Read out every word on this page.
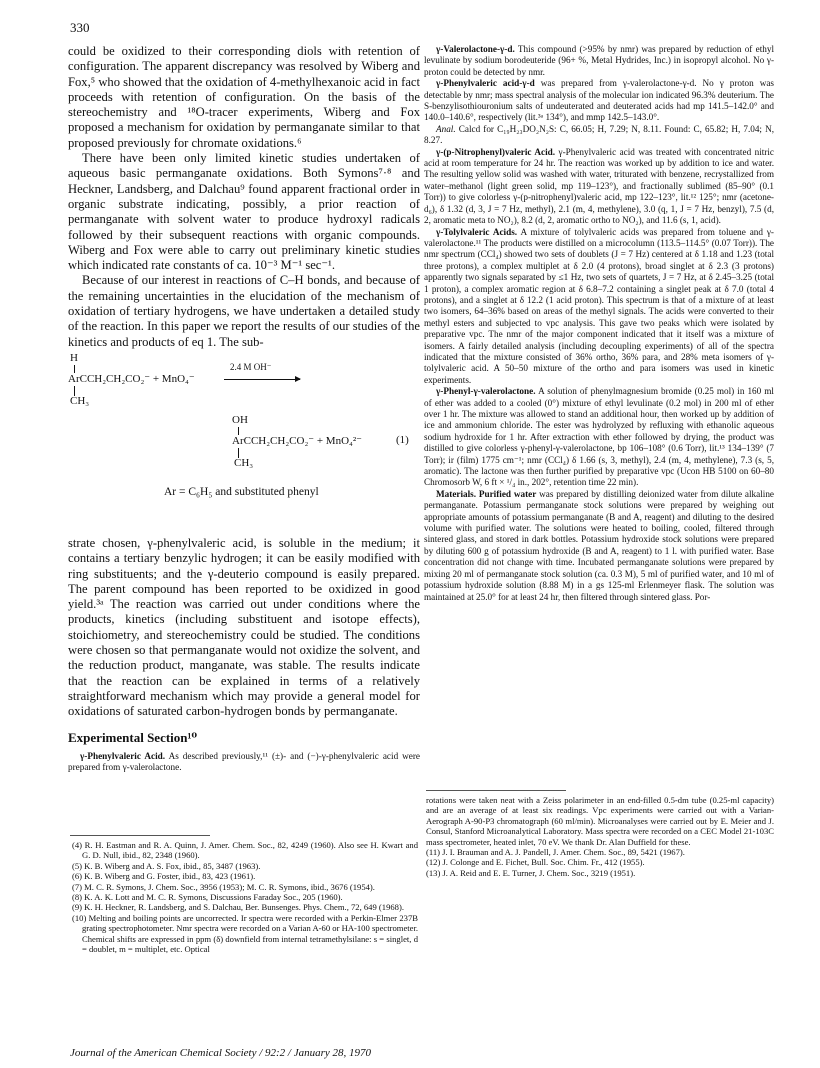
330

could be oxidized to their corresponding diols with retention of configuration. The apparent discrepancy was resolved by Wiberg and Fox,⁵ who showed that the oxidation of 4-methylhexanoic acid in fact proceeds with retention of configuration. On the basis of the stereochemistry and ¹⁸O-tracer experiments, Wiberg and Fox proposed a mechanism for oxidation by permanganate similar to that proposed previously for chromate oxidations.⁶

There have been only limited kinetic studies undertaken of aqueous basic permanganate oxidations. Both Symons⁷·⁸ and Heckner, Landsberg, and Dalchau⁹ found apparent fractional order in organic substrate indicating, possibly, a prior reaction of permanganate with solvent water to produce hydroxyl radicals followed by their subsequent reactions with organic compounds. Wiberg and Fox were able to carry out preliminary kinetic studies which indicated rate constants of ca. 10⁻³ M⁻¹ sec⁻¹.

Because of our interest in reactions of C–H bonds, and because of the remaining uncertainties in the elucidation of the mechanism of oxidation of tertiary hydrogens, we have undertaken a detailed study of the reaction. In this paper we report the results of our studies of the kinetics and products of eq 1. The sub-

H
ArCCH₂CH₂CO₂⁻ + MnO₄⁻
2.4 M OH⁻
CH₃
OH
ArCCH₂CH₂CO₂⁻ + MnO₄²⁻	(1)
CH₃
Ar = C₆H₅ and substituted phenyl

strate chosen, γ-phenylvaleric acid, is soluble in the medium; it contains a tertiary benzylic hydrogen; it can be easily modified with ring substituents; and the γ-deuterio compound is easily prepared. The parent compound has been reported to be oxidized in good yield.³ᵃ The reaction was carried out under conditions where the products, kinetics (including substituent and isotope effects), stoichiometry, and stereochemistry could be studied. The conditions were chosen so that permanganate would not oxidize the solvent, and the reduction product, manganate, was stable. The results indicate that the reaction can be explained in terms of a relatively straightforward mechanism which may provide a general model for oxidations of saturated carbon-hydrogen bonds by permanganate.

Experimental Section¹⁰

γ-Phenylvaleric Acid. As described previously,¹¹ (±)- and (−)-γ-phenylvaleric acid were prepared from γ-valerolactone.

(4) R. H. Eastman and R. A. Quinn, J. Amer. Chem. Soc., 82, 4249 (1960). Also see H. Kwart and G. D. Null, ibid., 82, 2348 (1960).

(5) K. B. Wiberg and A. S. Fox, ibid., 85, 3487 (1963).

(6) K. B. Wiberg and G. Foster, ibid., 83, 423 (1961).

(7) M. C. R. Symons, J. Chem. Soc., 3956 (1953); M. C. R. Symons, ibid., 3676 (1954).

(8) K. A. K. Lott and M. C. R. Symons, Discussions Faraday Soc., 205 (1960).

(9) K. H. Heckner, R. Landsberg, and S. Dalchau, Ber. Bunsenges. Phys. Chem., 72, 649 (1968).

(10) Melting and boiling points are uncorrected. Ir spectra were recorded with a Perkin-Elmer 237B grating spectrophotometer. Nmr spectra were recorded on a Varian A-60 or HA-100 spectrometer. Chemical shifts are expressed in ppm (δ) downfield from internal tetramethylsilane: s = singlet, d = doublet, m = multiplet, etc. Optical

γ-Valerolactone-γ-d. This compound (>95% by nmr) was prepared by reduction of ethyl levulinate by sodium borodeuteride (96+ %, Metal Hydrides, Inc.) in isopropyl alcohol. No γ-proton could be detected by nmr.

γ-Phenylvaleric acid-γ-d was prepared from γ-valerolactone-γ-d. No γ proton was detectable by nmr; mass spectral analysis of the molecular ion indicated 96.3% deuterium. The S-benzylisothiouronium salts of undeuterated and deuterated acids had mp 141.5–142.0° and 140.0–140.6°, respectively (lit.³ᵃ 134°), and mmp 142.5–143.0°.

Anal. Calcd for C₁₉H₂₃DO₂N₂S: C, 66.05; H, 7.29; N, 8.11. Found: C, 65.82; H, 7.04; N, 8.27.

γ-(p-Nitrophenyl)valeric Acid. γ-Phenylvaleric acid was treated with concentrated nitric acid at room temperature for 24 hr. The reaction was worked up by addition to ice and water. The resulting yellow solid was washed with water, triturated with benzene, recrystallized from water–methanol (light green solid, mp 119–123°), and fractionally sublimed (85–90° (0.1 Torr)) to give colorless γ-(p-nitrophenyl)valeric acid, mp 122–123°, lit.¹² 125°; nmr (acetone-d₆), δ 1.32 (d, 3, J = 7 Hz, methyl), 2.1 (m, 4, methylene), 3.0 (q, 1, J = 7 Hz, benzyl), 7.5 (d, 2, aromatic meta to NO₂), 8.2 (d, 2, aromatic ortho to NO₂), and 11.6 (s, 1, acid).

γ-Tolylvaleric Acids. A mixture of tolylvaleric acids was prepared from toluene and γ-valerolactone.¹¹ The products were distilled on a microcolumn (113.5–114.5° (0.07 Torr)). The nmr spectrum (CCl₄) showed two sets of doublets (J = 7 Hz) centered at δ 1.18 and 1.23 (total three protons), a complex multiplet at δ 2.0 (4 protons), broad singlet at δ 2.3 (3 protons) apparently two signals separated by ≤1 Hz, two sets of quartets, J = 7 Hz, at δ 2.45–3.25 (total 1 proton), a complex aromatic region at δ 6.8–7.2 containing a singlet peak at δ 7.0 (total 4 protons), and a singlet at δ 12.2 (1 acid proton). This spectrum is that of a mixture of at least two isomers, 64–36% based on areas of the methyl signals. The acids were converted to their methyl esters and subjected to vpc analysis. This gave two peaks which were isolated by preparative vpc. The nmr of the major component indicated that it itself was a mixture of isomers. A fairly detailed analysis (including decoupling experiments) of all of the spectra indicated that the mixture consisted of 36% ortho, 36% para, and 28% meta isomers of γ-tolylvaleric acid. A 50–50 mixture of the ortho and para isomers was used in kinetic experiments.

γ-Phenyl-γ-valerolactone. A solution of phenylmagnesium bromide (0.25 mol) in 160 ml of ether was added to a cooled (0°) mixture of ethyl levulinate (0.2 mol) in 200 ml of ether over 1 hr. The mixture was allowed to stand an additional hour, then worked up by addition of ice and ammonium chloride. The ester was hydrolyzed by refluxing with ethanolic aqueous sodium hydroxide for 1 hr. After extraction with ether followed by drying, the product was distilled to give colorless γ-phenyl-γ-valerolactone, bp 106–108° (0.6 Torr), lit.¹³ 134–139° (7 Torr); ir (film) 1775 cm⁻¹; nmr (CCl₄) δ 1.66 (s, 3, methyl), 2.4 (m, 4, methylene), 7.3 (s, 5, aromatic). The lactone was then further purified by preparative vpc (Ucon HB 5100 on 60–80 Chromosorb W, 6 ft × ¹/₄ in., 202°, retention time 22 min).

Materials. Purified water was prepared by distilling deionized water from dilute alkaline permanganate. Potassium permanganate stock solutions were prepared by weighing out appropriate amounts of potassium permanganate (B and A, reagent) and diluting to the desired volume with purified water. The solutions were heated to boiling, cooled, filtered through sintered glass, and stored in dark bottles. Potassium hydroxide stock solutions were prepared by diluting 600 g of potassium hydroxide (B and A, reagent) to 1 l. with purified water. Base concentration did not change with time. Incubated permanganate solutions were prepared by mixing 20 ml of permanganate stock solution (ca. 0.3 M), 5 ml of purified water, and 10 ml of potassium hydroxide solution (8.88 M) in a gs 125-ml Erlenmeyer flask. The solution was maintained at 25.0° for at least 24 hr, then filtered through sintered glass. Por-

rotations were taken neat with a Zeiss polarimeter in an end-filled 0.5-dm tube (0.25-ml capacity) and are an average of at least six readings. Vpc experiments were carried out with a Varian-Aerograph A-90-P3 chromatograph (60 ml/min). Microanalyses were carried out by E. Meier and J. Consul, Stanford Microanalytical Laboratory. Mass spectra were recorded on a CEC Model 21-103C mass spectrometer, heated inlet, 70 eV. We thank Dr. Alan Duffield for these.

(11) J. I. Brauman and A. J. Pandell, J. Amer. Chem. Soc., 89, 5421 (1967).

(12) J. Colonge and E. Fichet, Bull. Soc. Chim. Fr., 412 (1955).

(13) J. A. Reid and E. E. Turner, J. Chem. Soc., 3219 (1951).

Journal of the American Chemical Society / 92:2 / January 28, 1970
